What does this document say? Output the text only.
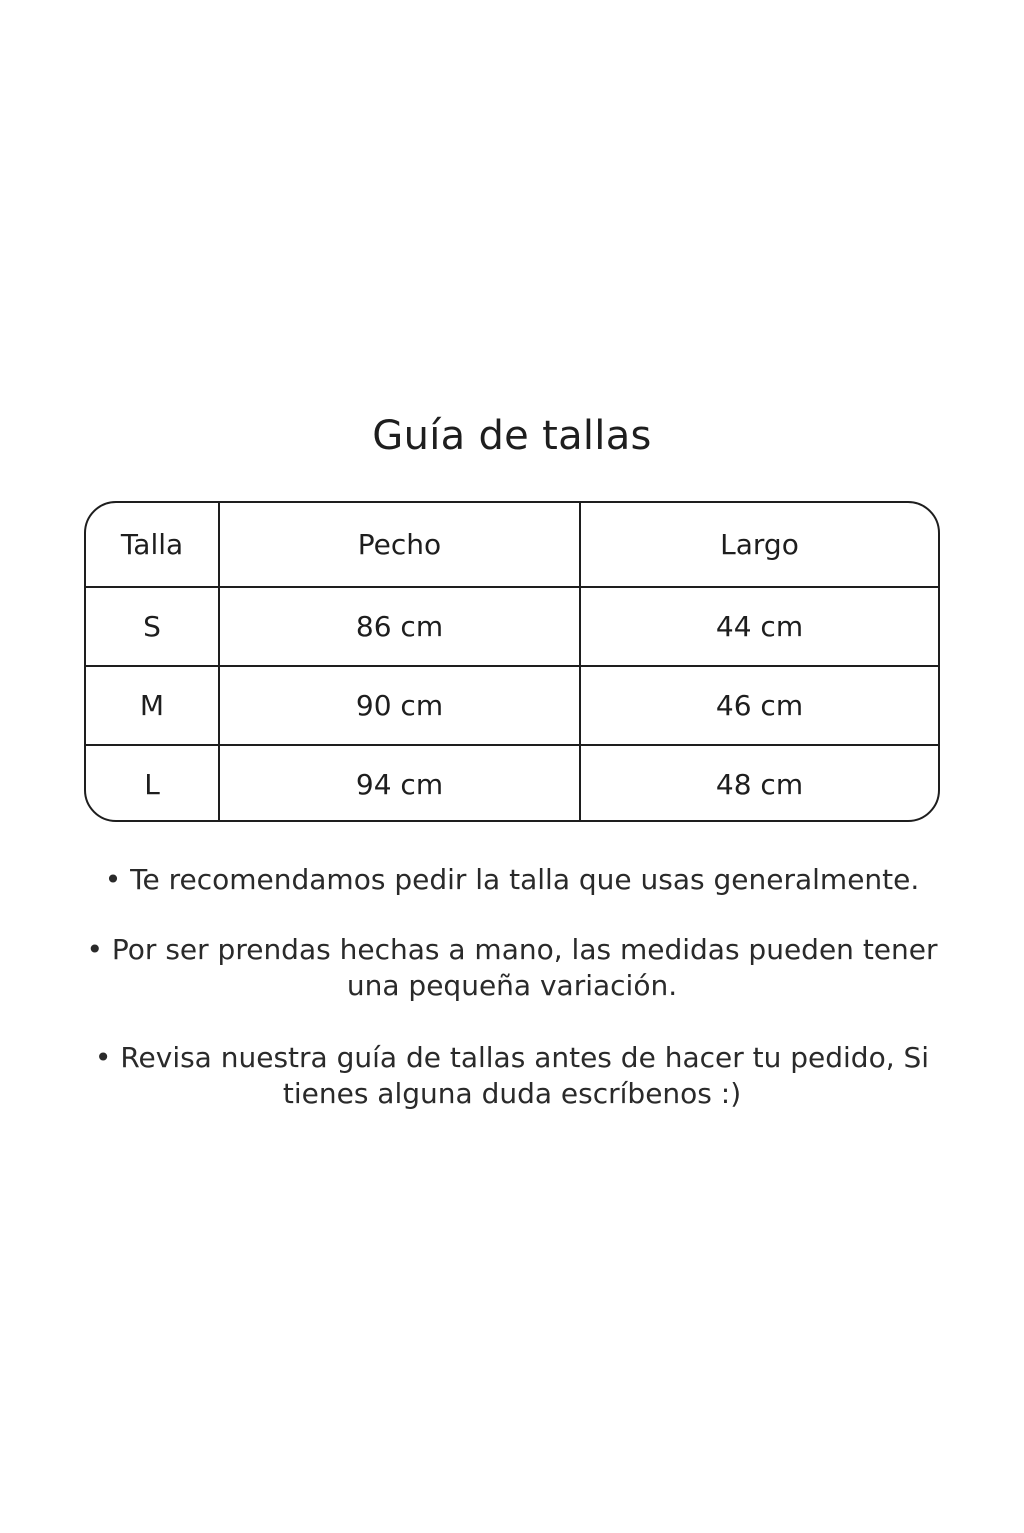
Guía de tallas
Talla	Pecho	Largo
S	86 cm	44 cm
M	90 cm	46 cm
L	94 cm	48 cm

• Te recomendamos pedir la talla que usas generalmente.

• Por ser prendas hechas a mano, las medidas pueden tener una pequeña variación.

• Revisa nuestra guía de tallas antes de hacer tu pedido, Si tienes alguna duda escríbenos :)
